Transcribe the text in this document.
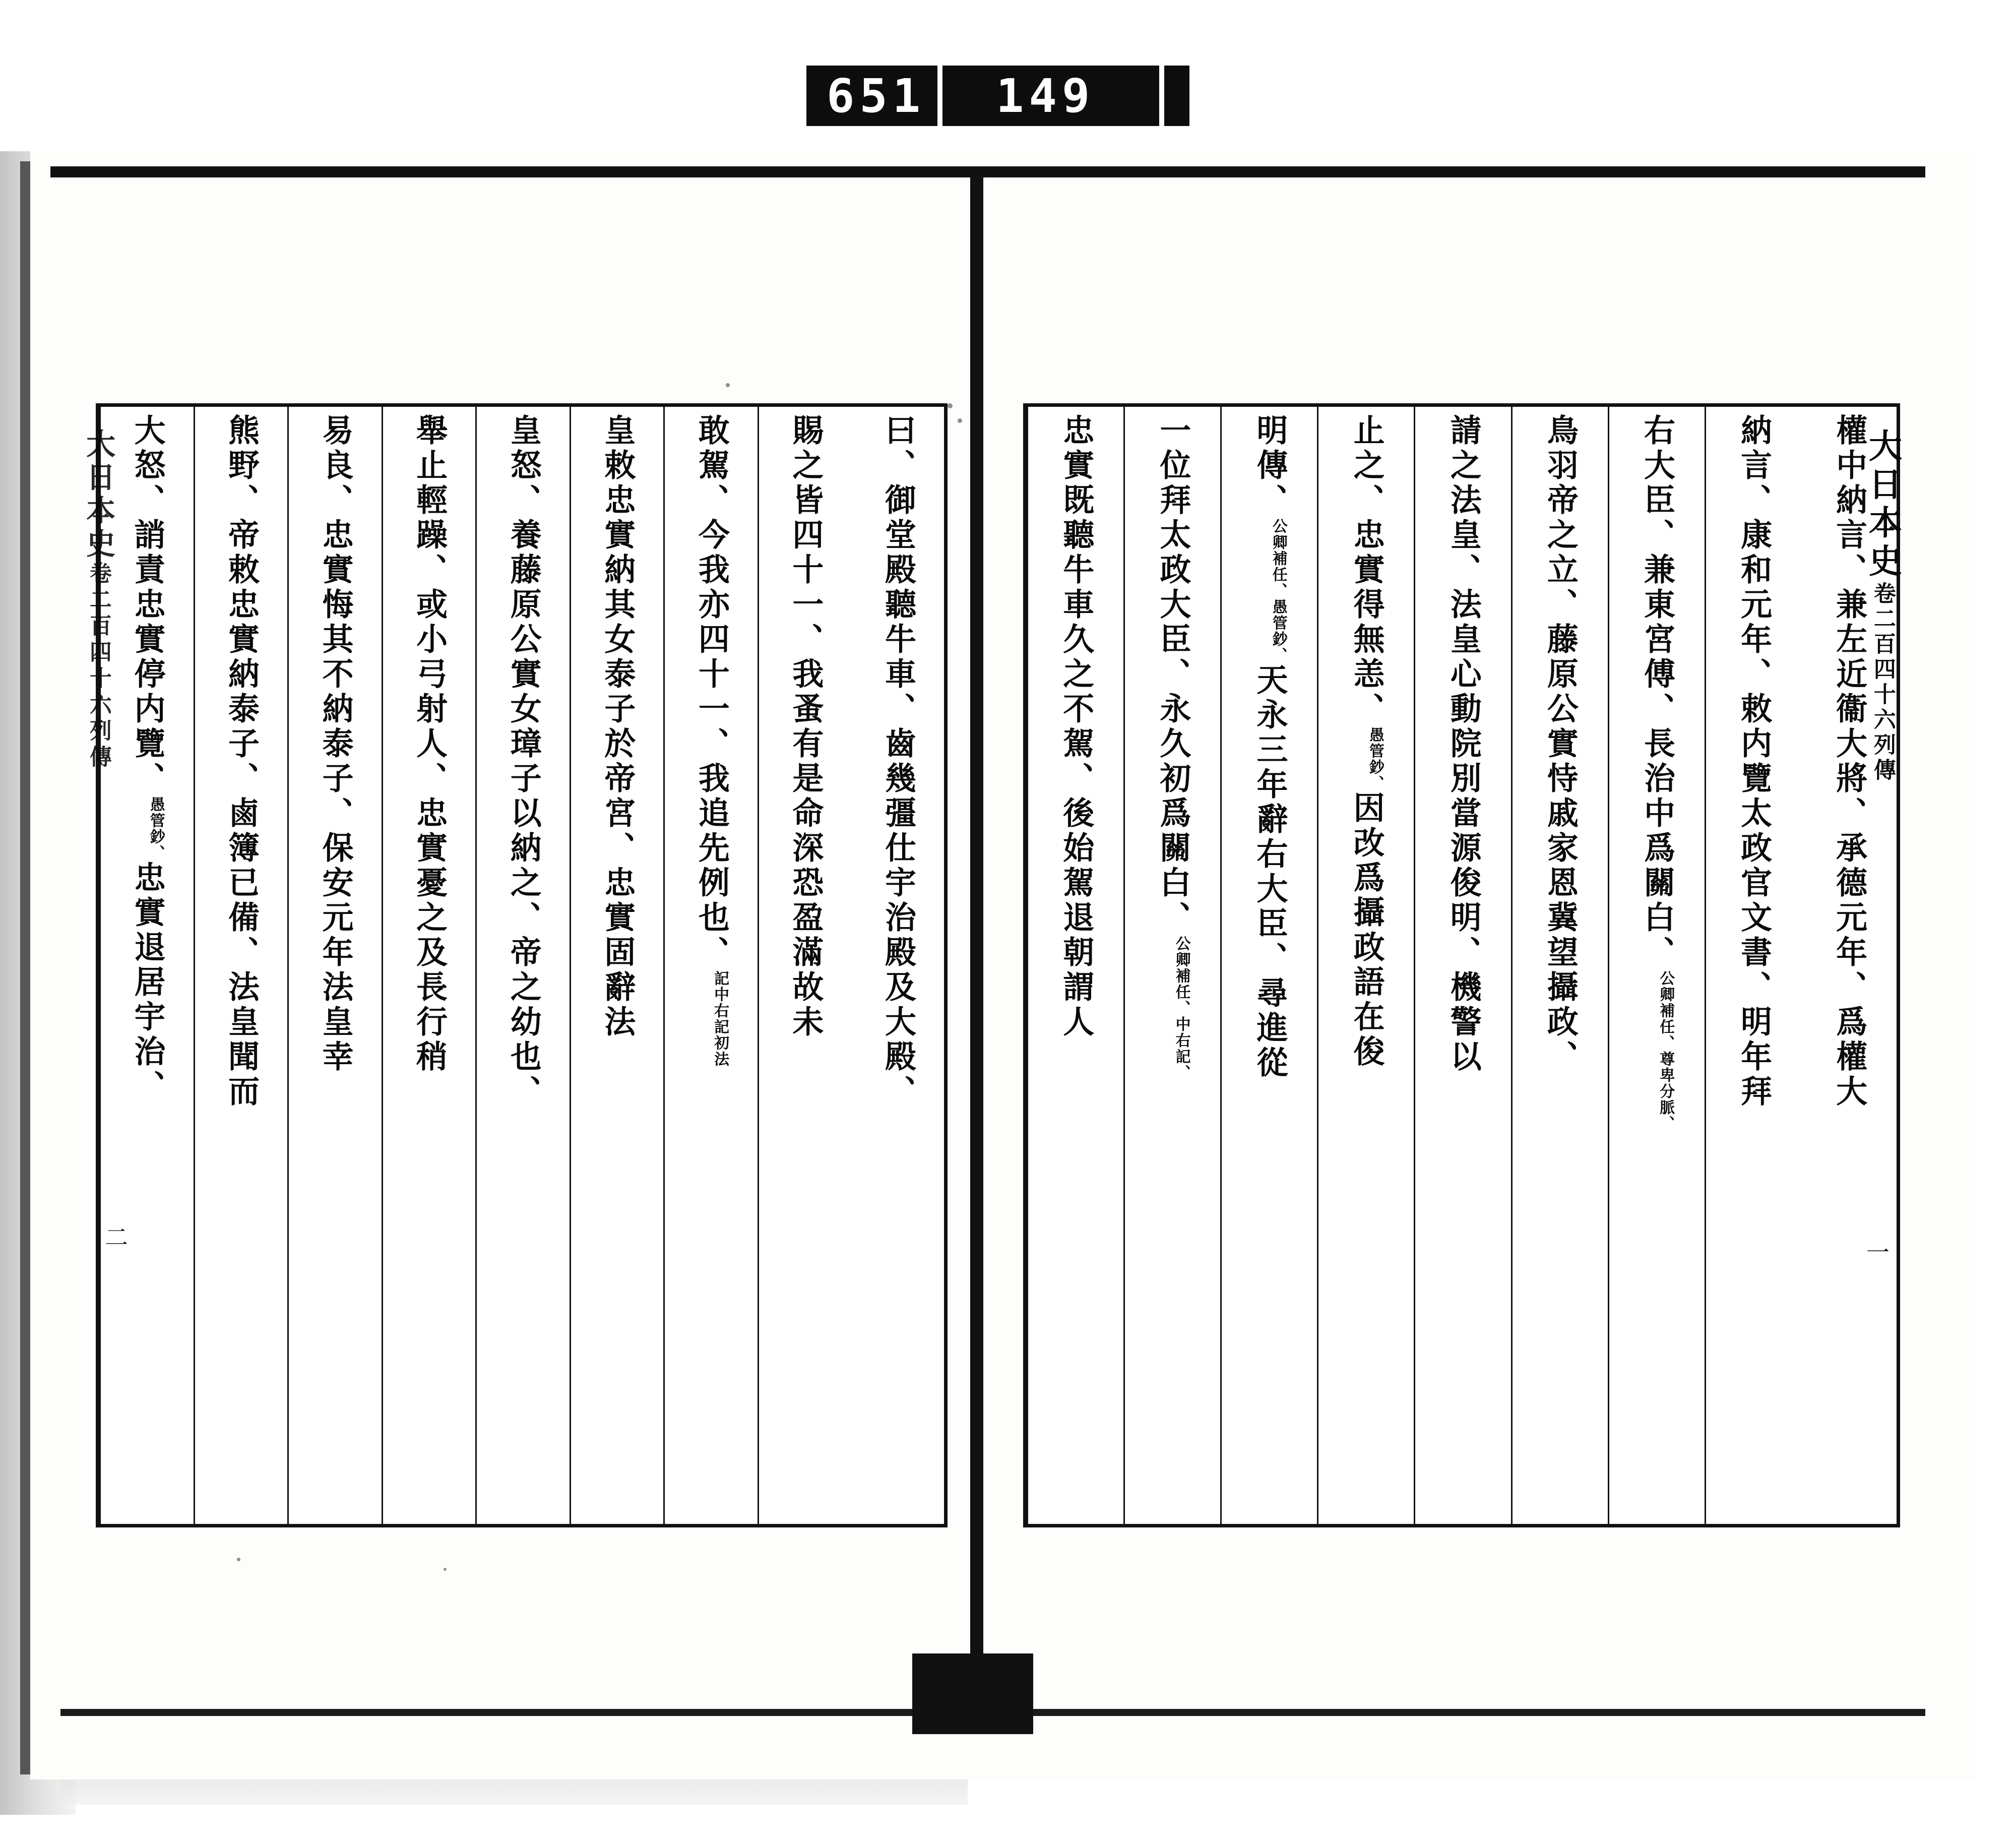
651 149
曰、御堂殿聽牛車、齒幾彊仕宇治殿及大殿、
賜之皆四十一、我蚤有是命深恐盈滿故未
敢駕、今我亦四十一、我追先例也、
記中右記初法
皇敕忠實納其女泰子於帝宮、忠實固辭法
皇怒、養藤原公實女璋子以納之、帝之幼也、
舉止輕躁、或小弓射人、忠實憂之及長行稍
易良、忠實悔其不納泰子、保安元年法皇幸
熊野、帝敕忠實納泰子、鹵簿已備、法皇聞而
大怒、誚責忠實停内覽、
愚管鈔、
忠實退居宇治、	權中納言、兼左近衞大將、承德元年、爲權大
納言、康和元年、敕内覽太政官文書、明年拜
右大臣、兼東宮傅、長治中爲關白、
公卿補任、尊卑分脈、
鳥羽帝之立、藤原公實恃戚家恩冀望攝政、
請之法皇、法皇心動院別當源俊明、機警以
止之、忠實得無恙、
愚管鈔、
因改爲攝政語在俊
明傳、
公卿補任、愚管鈔、
天永三年辭右大臣、尋進從
一位拜太政大臣、永久初爲關白、
公卿補任、中右記、
忠實既聽牛車久之不駕、後始駕退朝謂人	大日本史
卷二百四十六
列傳
一
大日本史
卷二百四十六
列傳
二
